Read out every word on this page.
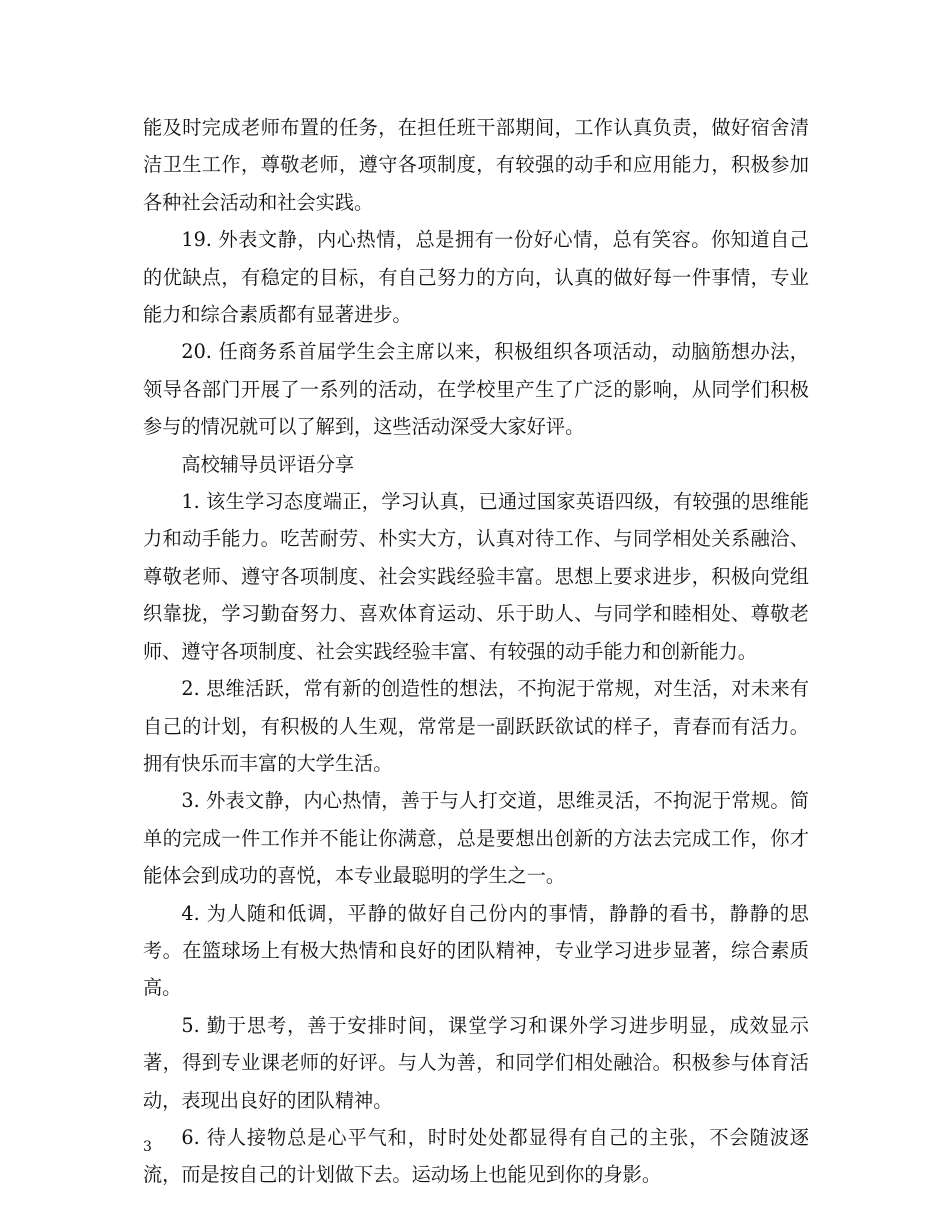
能及时完成老师布置的任务，在担任班干部期间，工作认真负责，做好宿舍清洁卫生工作，尊敬老师，遵守各项制度，有较强的动手和应用能力，积极参加各种社会活动和社会实践。

19. 外表文静，内心热情，总是拥有一份好心情，总有笑容。你知道自己的优缺点，有稳定的目标，有自己努力的方向，认真的做好每一件事情，专业能力和综合素质都有显著进步。

20. 任商务系首届学生会主席以来，积极组织各项活动，动脑筋想办法，领导各部门开展了一系列的活动，在学校里产生了广泛的影响，从同学们积极参与的情况就可以了解到，这些活动深受大家好评。

高校辅导员评语分享

1. 该生学习态度端正，学习认真，已通过国家英语四级，有较强的思维能力和动手能力。吃苦耐劳、朴实大方，认真对待工作、与同学相处关系融洽、尊敬老师、遵守各项制度、社会实践经验丰富。思想上要求进步，积极向党组织靠拢，学习勤奋努力、喜欢体育运动、乐于助人、与同学和睦相处、尊敬老师、遵守各项制度、社会实践经验丰富、有较强的动手能力和创新能力。

2. 思维活跃，常有新的创造性的想法，不拘泥于常规，对生活，对未来有自己的计划，有积极的人生观，常常是一副跃跃欲试的样子，青春而有活力。拥有快乐而丰富的大学生活。

3. 外表文静，内心热情，善于与人打交道，思维灵活，不拘泥于常规。简单的完成一件工作并不能让你满意，总是要想出创新的方法去完成工作，你才能体会到成功的喜悦，本专业最聪明的学生之一。

4. 为人随和低调，平静的做好自己份内的事情，静静的看书，静静的思考。在篮球场上有极大热情和良好的团队精神，专业学习进步显著，综合素质高。

5. 勤于思考，善于安排时间，课堂学习和课外学习进步明显，成效显示著，得到专业课老师的好评。与人为善，和同学们相处融洽。积极参与体育活动，表现出良好的团队精神。

6. 待人接物总是心平气和，时时处处都显得有自己的主张，不会随波逐流，而是按自己的计划做下去。运动场上也能见到你的身影。

3
